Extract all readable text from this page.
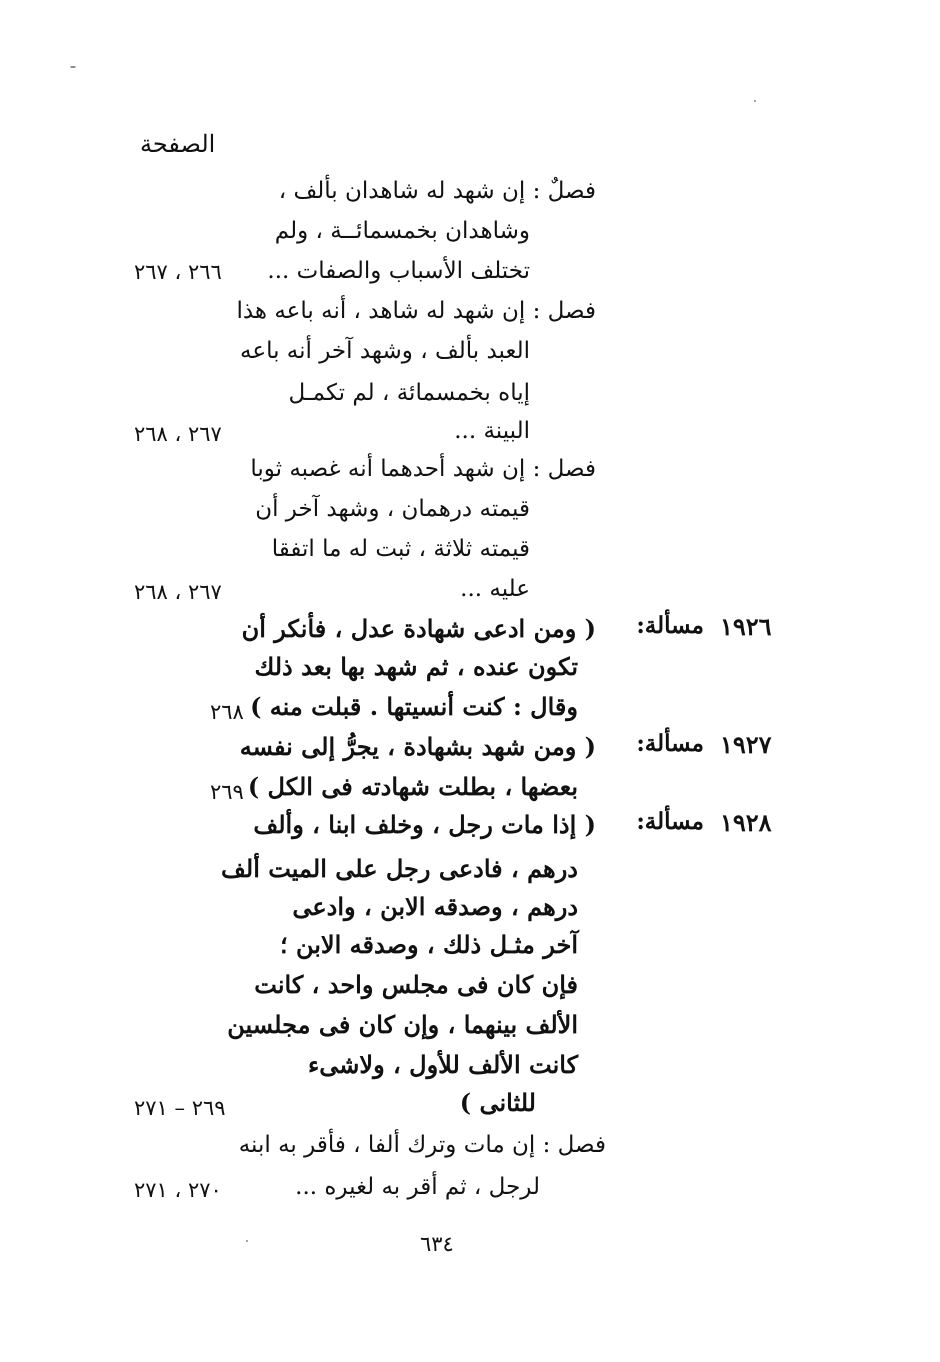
الصفحة
فصلٌ : إن شهد له شاهدان بألف ،
وشاهدان بخمسمائــة ، ولم
تختلف الأسباب والصفات ...
٢٦٦ ، ٢٦٧
فصل : إن شهد له شاهد ، أنه باعه هذا
العبد بألف ، وشهد آخر أنه باعه
إياه بخمسمائة ، لم تكمـل
البينة ...
٢٦٧ ، ٢٦٨
فصل : إن شهد أحدهما أنه غصبه ثوبا
قيمته درهمان ، وشهد آخر أن
قيمته ثلاثة ، ثبت له ما اتفقا
عليه ...
٢٦٧ ، ٢٦٨
١٩٢٦
مسألة:
( ومن ادعى شهادة عدل ، فأنكر أن
تكون عنده ، ثم شهد بها بعد ذلك
وقال : كنت أنسيتها . قبلت منه )
٢٦٨
١٩٢٧
مسألة:
( ومن شهد بشهادة ، يجرُّ إلى نفسه
بعضها ، بطلت شهادته فى الكل )
٢٦٩
١٩٢٨
مسألة:
( إذا مات رجل ، وخلف ابنا ، وألف
درهم ، فادعى رجل على الميت ألف
درهم ، وصدقه الابن ، وادعى
آخر مثـل ذلك ، وصدقه الابن ؛
فإن كان فى مجلس واحد ، كانت
الألف بينهما ، وإن كان فى مجلسين
كانت الألف للأول ، ولاشىء
للثانى )
٢٦٩ – ٢٧١
فصل : إن مات وترك ألفا ، فأقر به ابنه
لرجل ، ثم أقر به لغيره ...
٢٧٠ ، ٢٧١
٦٣٤
